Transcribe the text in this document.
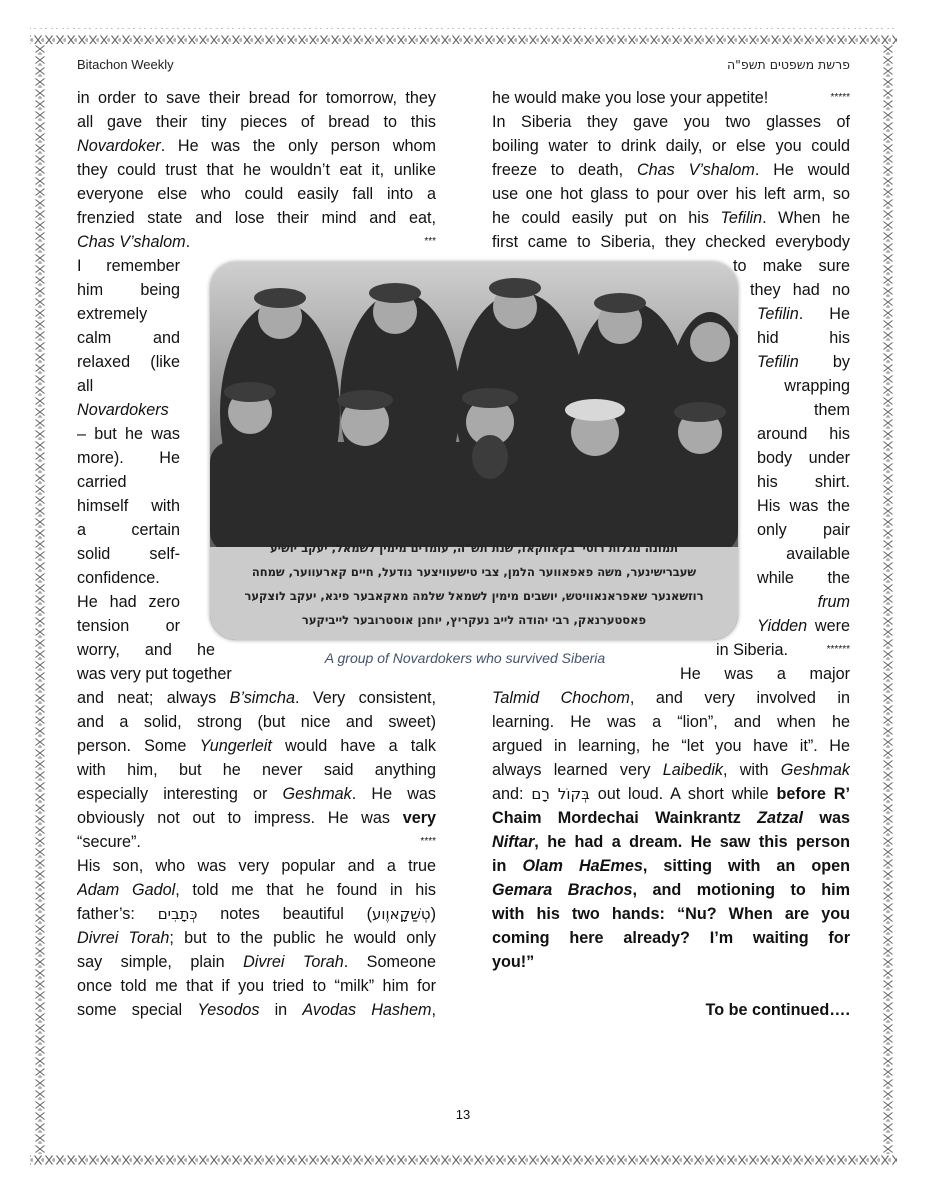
Bitachon Weekly	פרשת משפטים תשפ"ה
in order to save their bread for tomorrow, they
all gave their tiny pieces of bread to this
Novardoker. He was the only person whom
they could trust that he wouldn’t eat it, unlike
everyone else who could easily fall into a
frenzied state and lose their mind and eat,
Chas V’shalom.	***
I remember
him being
extremely
calm and
relaxed (like
all
Novardokers
– but he was
more). He
carried
himself with
a certain
solid self-
confidence.
He had zero
tension or
worry, and he
was very put together
and neat; always B’simcha. Very consistent,
and a solid, strong (but nice and sweet)
person. Some Yungerleit would have a talk
with him, but he never said anything
especially interesting or Geshmak. He was
obviously not out to impress. He was very
“secure”.	****
His son, who was very popular and a true
Adam Gadol, told me that he found in his
father’s: כְּתָבִים notes beautiful (טְשַׁקָאוֶוע)
Divrei Torah; but to the public he would only
say simple, plain Divrei Torah. Someone
once told me that if you tried to “milk” him for
some special Yesodos in Avodas Hashem,
he would make you lose your appetite!	*****
In Siberia they gave you two glasses of
boiling water to drink daily, or else you could
freeze to death, Chas V’shalom. He would
use one hot glass to pour over his left arm, so
he could easily put on his Tefilin. When he
first came to Siberia, they checked everybody
to make sure
they had no
Tefilin. He
hid his
Tefilin by
wrapping
them
around his
body under
his shirt.
His was the
only pair
available
while the
frum
Yidden were
in Siberia.	******
He was a major
Talmid Chochom, and very involved in
learning. He was a “lion”, and when he
argued in learning, he “let you have it”. He
always learned very Laibedik, with Geshmak
and: בְּקוֹל רָם out loud. A short while before R’
Chaim Mordechai Wainkrantz Zatzal was
Niftar, he had a dream. He saw this person
in Olam HaEmes, sitting with an open
Gemara Brachos, and motioning to him
with his two hands: “Nu? When are you
coming here already? I’m waiting for
you!”
To be continued….
תמונה מגלות רוסי' בקאווקאז, שנת תש"ה, עומדים מימין לשמאל, יעקב יושיע
שעברישינער, משה פאפאווער הלמן, צבי טישעוויצער נודעל, חיים קארעווער, שמחה
רוזשאנער שאפראנאוויטש, יושבים מימין לשמאל שלמה מאקאבער פיגא, יעקב לוצקער
פאסטערנאק, רבי יהודה לייב נעקריץ, יוחנן אוסטרובער לייביקער
A group of Novardokers who survived Siberia
13
